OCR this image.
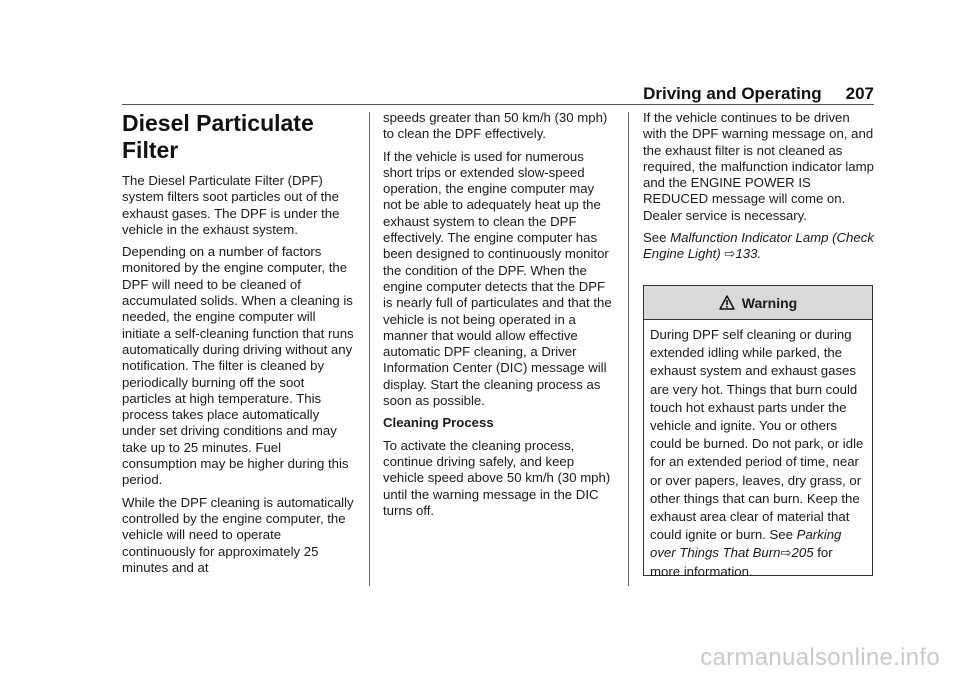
Driving and Operating 207
Diesel Particulate
Filter

The Diesel Particulate Filter (DPF) system filters soot particles out of the exhaust gases. The DPF is under the vehicle in the exhaust system.

Depending on a number of factors monitored by the engine computer, the DPF will need to be cleaned of accumulated solids. When a cleaning is needed, the engine computer will initiate a self-cleaning function that runs automatically during driving without any notification. The filter is cleaned by periodically burning off the soot particles at high temperature. This process takes place automatically under set driving conditions and may take up to 25 minutes. Fuel consumption may be higher during this period.

While the DPF cleaning is automatically controlled by the engine computer, the vehicle will need to operate continuously for approximately 25 minutes and at

speeds greater than 50 km/h (30 mph) to clean the DPF effectively.

If the vehicle is used for numerous short trips or extended slow-speed operation, the engine computer may not be able to adequately heat up the exhaust system to clean the DPF effectively. The engine computer has been designed to continuously monitor the condition of the DPF. When the engine computer detects that the DPF is nearly full of particulates and that the vehicle is not being operated in a manner that would allow effective automatic DPF cleaning, a Driver Information Center (DIC) message will display. Start the cleaning process as soon as possible.

Cleaning Process

To activate the cleaning process, continue driving safely, and keep vehicle speed above 50 km/h (30 mph) until the warning message in the DIC turns off.

If the vehicle continues to be driven with the DPF warning message on, and the exhaust filter is not cleaned as required, the malfunction indicator lamp and the ENGINE POWER IS REDUCED message will come on. Dealer service is necessary.

See Malfunction Indicator Lamp (Check Engine Light) ⇨133.

Warning
During DPF self cleaning or during extended idling while parked, the exhaust system and exhaust gases are very hot. Things that burn could touch hot exhaust parts under the vehicle and ignite. You or others could be burned. Do not park, or idle for an extended period of time, near or over papers, leaves, dry grass, or other things that can burn. Keep the exhaust area clear of material that could ignite or burn. See Parking over Things That Burn⇨205 for more information.
carmanualsonline.info
